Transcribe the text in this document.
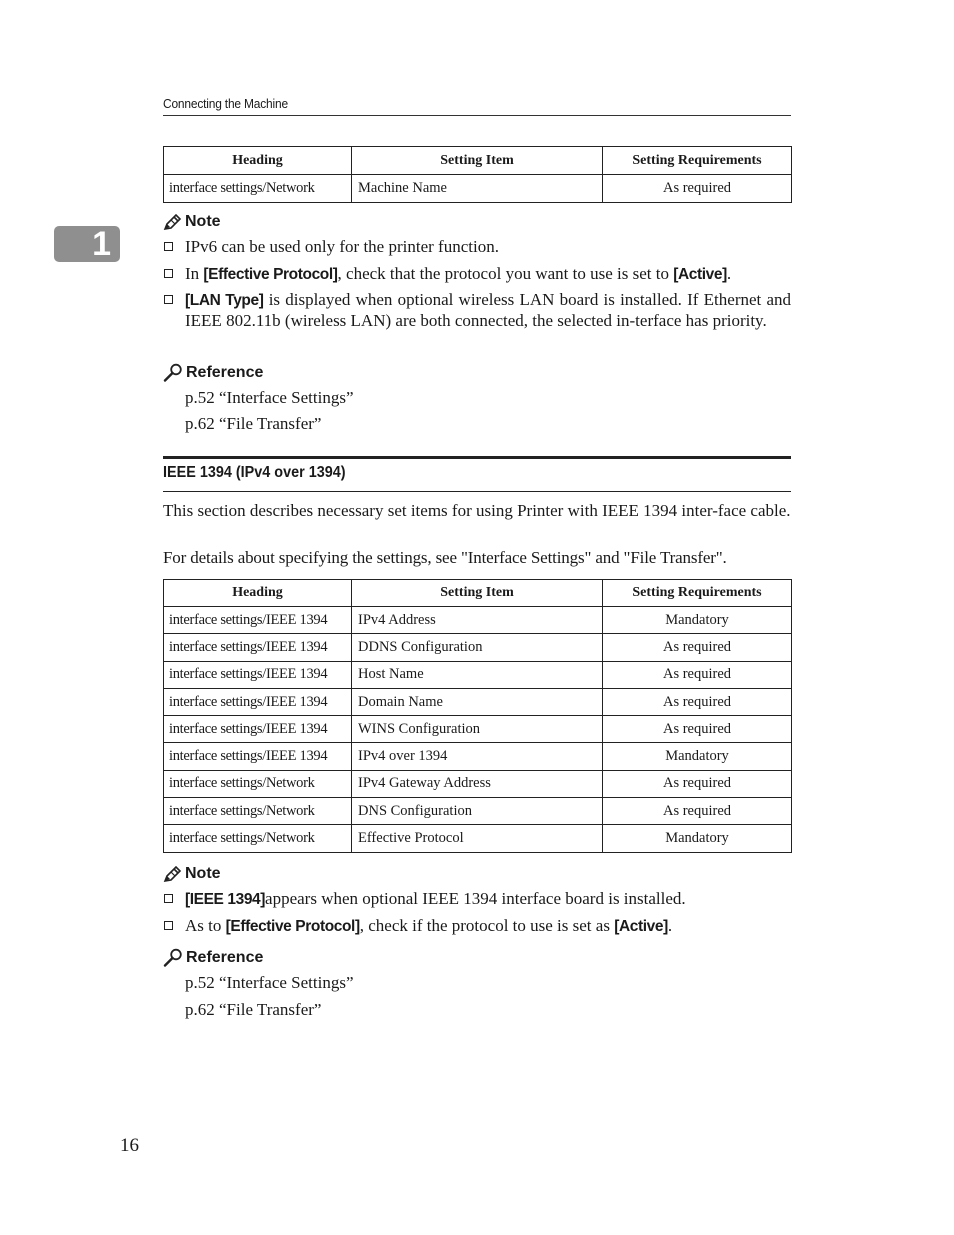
Connecting the Machine
1
Heading	Setting Item	Setting Requirements
interface settings/Network	Machine Name	As required
Note
IPv6 can be used only for the printer function.
In [Effective Protocol], check that the protocol you want to use is set to [Active].
[LAN Type] is displayed when optional wireless LAN board is installed. If Ethernet and IEEE 802.11b (wireless LAN) are both connected, the selected in-terface has priority.
Reference
p.52 “Interface Settings”
p.62 “File Transfer”
IEEE 1394 (IPv4 over 1394)
This section describes necessary set items for using Printer with IEEE 1394 inter-face cable.
For details about specifying the settings, see "Interface Settings" and "File Transfer".
Heading	Setting Item	Setting Requirements
interface settings/IEEE 1394	IPv4 Address	Mandatory
interface settings/IEEE 1394	DDNS Configuration	As required
interface settings/IEEE 1394	Host Name	As required
interface settings/IEEE 1394	Domain Name	As required
interface settings/IEEE 1394	WINS Configuration	As required
interface settings/IEEE 1394	IPv4 over 1394	Mandatory
interface settings/Network	IPv4 Gateway Address	As required
interface settings/Network	DNS Configuration	As required
interface settings/Network	Effective Protocol	Mandatory
Note
[IEEE 1394]appears when optional IEEE 1394 interface board is installed.
As to [Effective Protocol], check if the protocol to use is set as [Active].
Reference
p.52 “Interface Settings”
p.62 “File Transfer”
16
